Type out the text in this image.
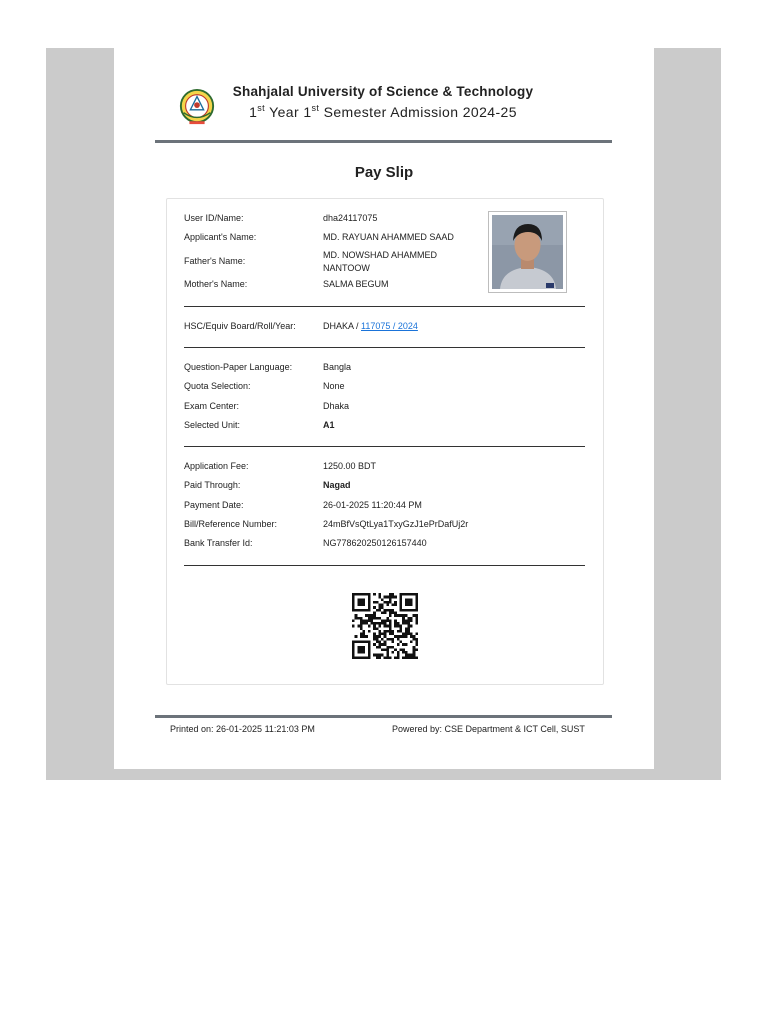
Shahjalal University of Science & Technology
1st Year 1st Semester Admission 2024-25
Pay Slip
User ID/Name:	dha24117075
Applicant's Name:	MD. RAYUAN AHAMMED SAAD
Father's Name:
MD. NOWSHAD AHAMMED NANTOOW
Mother's Name:	SALMA BEGUM
HSC/Equiv Board/Roll/Year:	DHAKA / 117075 / 2024
Question-Paper Language:	Bangla
Quota Selection:	None
Exam Center:	Dhaka
Selected Unit:	A1
Application Fee:	1250.00 BDT
Paid Through:	Nagad
Payment Date:	26-01-2025 11:20:44 PM
Bill/Reference Number:	24mBfVsQtLya1TxyGzJ1ePrDafUj2r
Bank Transfer Id:	NG778620250126157440
Printed on: 26-01-2025 11:21:03 PM	Powered by: CSE Department & ICT Cell, SUST
